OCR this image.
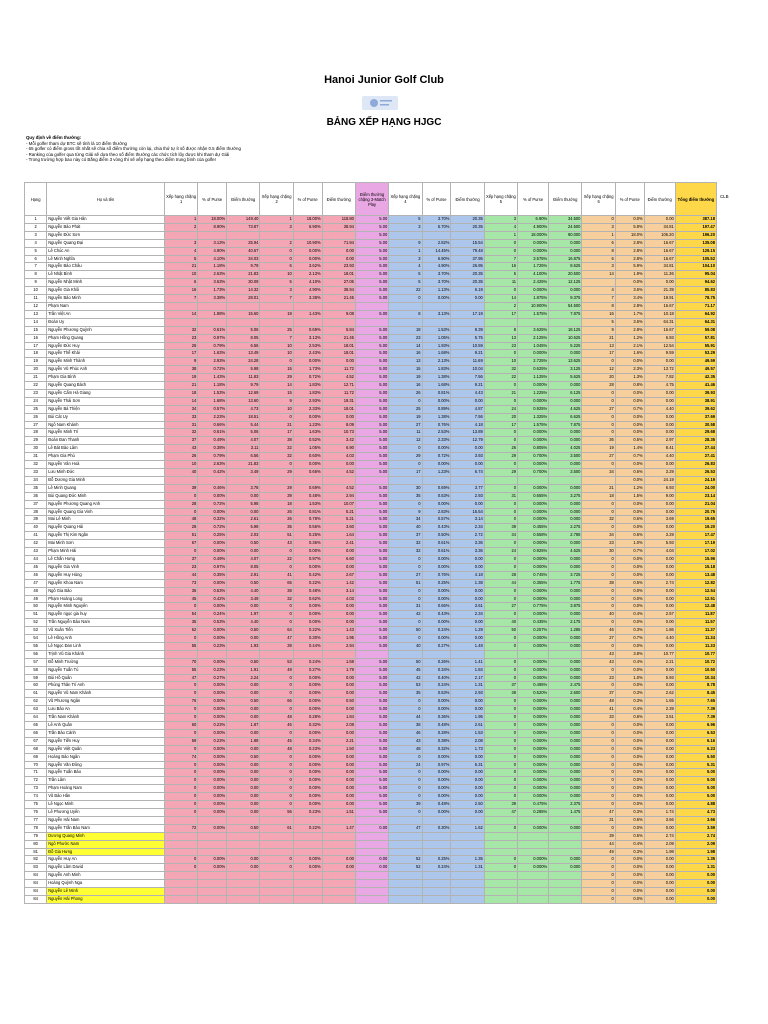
Hanoi Junior Golf Club
BẢNG XẾP HẠNG HJGC
Quy định về điểm thưởng:
- Mỗi golfer tham dự BTC sẽ tính là 10 điểm thưởng
- 65 golfer có điểm gross tốt nhất sẽ chia số điểm thưởng còn lại, chia thứ tự ít số được nhận 0.5 điểm thưởng
- Ranking của golfer qua từng Giải sẽ dựa theo số điểm thưởng các chức tích lũy được khi tham dự Giải
- Trong trường hợp bao này có Bằng điểm 3 vòng thì sẽ xếp hạng theo điểm trung bình của golfer
CLB
Hạng	Họ và tên	Xếp hạng chặng 1	% of Purse	Điểm thưởng	Xếp hạng chặng 2	% of Purse	Điểm thưởng	Điểm thưởng chặng 3-Match Play	Xếp hạng chặng 4	% of Purse	Điểm thưởng	Xếp hạng chặng 5	% of Purse	Điểm thưởng	Xếp hạng chặng 6	% of Purse	Điểm thưởng	Tổng điểm thưởng
1	Nguyễn Viết Gia Hân	1	18.00%	149.40	1	18.00%	118.80	5.00	5	3.70%	20.35	3	6.90%	34.500	0	0.0%	0.00	387.18
2	Nguyễn Bảo Phát	2	8.90%	73.87	3	6.90%	38.94	5.00	3	5.70%	20.35	4	4.900%	24.500	3	5.9%	34.81	197.47
3	Nguyễn Đức Sơn							5.00				1	18.000%	90.000	1	18.0%	106.20	196.20
4	Nguyễn Quang Đại	3	3.13%	25.94	2	10.90%	71.94	5.00	9	2.82%	15.54	0	0.000%	0.000	6	2.8%	16.67	135.08
5	Lê Chúc An	4	4.90%	40.67	0	0.00%	0.00	5.00	1	14.45%	79.48	0	0.000%	0.000	8	2.8%	16.67	129.15
6	Lê Minh Nghĩa	5	4.10%	34.03	0	0.00%	0.00	5.00	3	6.90%	37.95	7	3.575%	16.875	6	2.8%	16.67	105.52
7	Nguyễn Bảo Châu	21	1.18%	9.79	6	3.62%	23.93	5.00	4	4.90%	26.95	16	1.725%	8.625	3	5.9%	34.81	104.10
8	Lê Nhật Bình	10	2.63%	21.83	10	2.13%	18.01	5.00	5	3.70%	20.35	5	4.100%	20.500	14	1.9%	11.36	95.04
9	Nguyễn Nhật Minh	6	3.63%	30.09	5	4.10%	27.06	5.00	5	3.70%	20.35	11	2.425%	12.125		0.0%	0.00	94.62
10	Nguyễn Gia Khôi	16	1.73%	14.32	3	4.90%	38.94	5.00	22	1.13%	6.19	0	0.000%	0.000	4	3.6%	21.39	85.83
11	Nguyễn Bảo Minh	7	3.38%	28.01	7	3.38%	21.45	5.00	0	0.00%	0.00	14	1.875%	9.375	7	3.4%	19.91	78.75
12	Phạm Nam											2	10.900%	54.500	8	2.8%	16.67	71.17
13	Trần Việt An	14	1.88%	15.60	19	1.43%	9.08	5.00	8	3.13%	17.19	17	1.575%	7.875	16	1.7%	10.18	64.92
14	Đoàn Uy														5	3.6%	64.31	64.31
15	Nguyễn Phương Quỳnh	32	0.61%	5.06	25	0.69%	5.84	5.00	18	1.53%	8.39	8	3.625%	18.125	9	2.8%	16.67	59.08
16	Phạm Hồng Quang	23	0.97%	8.05	7	3.13%	21.45	5.00	23	1.05%	5.75	13	2.125%	10.625	21	1.2%	6.93	57.81
17	Nguyễn Đức Huy	26	0.79%	6.56	10	2.53%	18.01	5.00	14	1.93%	10.59	23	1.045%	5.225	13	2.1%	12.54	55.91
18	Nguyễn Thế Khải	17	1.63%	13.49	10	2.43%	18.01	5.00	16	1.68%	9.21	0	0.000%	0.000	17	1.6%	9.59	53.29
19	Nguyễn Minh Thành	9	2.93%	24.28	0	0.00%	0.00	5.00	13	2.13%	11.69	10	2.725%	13.625	0	0.0%	0.00	49.59
20	Nguyễn Vũ Phúc Anh	38	0.72%	5.98	15	1.73%	11.72	5.00	15	1.83%	10.04	32	0.625%	3.125	12	2.3%	13.72	49.57
21	Phạm Gia Bình	19	1.43%	11.83	29	0.72%	4.52	5.00	19	1.38%	7.56	22	1.125%	5.625	20	1.3%	7.82	42.35
22	Nguyễn Quang Bách	21	1.18%	9.79	14	1.83%	12.71	5.00	16	1.68%	9.21	0	0.000%	0.000	28	0.8%	4.75	41.46
23	Nguyễn Cẩm Hà Giang	18	1.53%	12.69	15	1.83%	11.72	5.00	26	0.81%	4.43	21	1.225%	6.125	0	0.0%	0.00	39.93
24	Nguyễn Thái Sơn	14	1.68%	13.60	9	2.93%	19.31	5.00	0	0.00%	0.00	0	0.000%	0.000	0	0.0%	0.00	38.91
25	Nguyễn Bá Thiện	34	0.57%	4.73	10	2.33%	18.01	5.00	25	0.89%	4.87	24	0.925%	4.625	27	0.7%	4.40	39.62
26	Bùi Cát Uy	33	2.23%	18.51	0	0.00%	0.00	5.00	19	1.38%	7.56	20	1.325%	6.625	0	0.0%	0.00	37.69
27	Ngô Nam Khánh	31	0.66%	5.44	21	1.23%	8.09	5.00	27	0.76%	4.18	17	1.575%	7.875	0	0.0%	0.00	30.58
28	Nguyễn Minh Trí	32	0.61%	5.06	17	1.63%	10.73	5.00	11	2.53%	13.89	0	0.000%	0.000	0	0.0%	0.00	29.68
29	Đoàn Đan Thanh	37	0.49%	4.07	38	0.52%	3.42	5.00	12	2.33%	12.79	0	0.000%	0.000	36	0.5%	2.97	28.35
30	Lê Bát Bảo Lâm	43	0.38%	3.11	22	1.05%	6.90	5.00	0	0.00%	0.00	26	0.805%	4.025	19	1.4%	8.41	27.44
31	Phạm Gia Phú	26	0.79%	6.56	32	0.60%	4.03	5.00	29	0.72%	3.93	29	0.700%	3.500	27	0.7%	4.40	27.41
32	Nguyễn Vân Hoà	10	2.63%	21.83	0	0.00%	0.00	5.00	0	0.00%	0.00	0	0.000%	0.000	0	0.0%	0.00	26.83
33	Lưu Minh Đức	40	0.42%	3.49	29	0.66%	4.52	5.00	17	1.23%	6.74	29	0.700%	3.500	34	0.6%	3.29	26.53
34	Đỗ Dương Gia Minh															0.0%	24.19	24.19
35	Lê Minh Quang	39	0.46%	3.78	29	0.69%	4.52	5.00	30	0.69%	3.77	0	0.000%	0.000	21	1.2%	6.93	24.00
36	Bùi Quang Đức Minh	0	0.00%	0.00	39	0.48%	2.94	5.00	35	0.53%	2.93	31	0.655%	3.275	18	1.5%	9.00	23.14
37	Nguyễn Phương Quang Anh	28	0.72%	5.98	18	1.53%	10.07	5.00	0	0.00%	0.00	0	0.000%	0.000	0	0.0%	0.00	21.04
38	Nguyễn Quang Gia Vinh	0	0.00%	0.00	26	0.81%	5.21	5.00	9	2.83%	15.54	0	0.000%	0.000	0	0.0%	0.00	20.75
39	Mai Lê Minh	48	0.32%	2.61	26	0.78%	5.21	5.00	34	0.57%	3.14	0	0.000%	0.000	32	0.6%	3.69	19.65
40	Nguyễn Quang Hải	28	0.72%	5.98	35	0.56%	3.60	5.00	40	0.43%	2.34	39	0.455%	2.275	0	0.0%	0.00	19.20
41	Nguyễn Thị Kim Ngân	51	0.25%	2.03	51	0.25%	1.64	5.00	37	0.50%	2.72	34	0.558%	2.788	34	0.6%	3.29	17.47
42	Mai Minh Sơn	67	0.00%	0.50	43	0.36%	2.41	5.00	32	0.61%	3.36	0	0.000%	0.000	23	1.0%	5.93	17.19
43	Phạm Minh Hải	0	0.00%	0.00	0	0.00%	0.00	5.00	32	0.61%	3.36	24	0.925%	4.625	30	0.7%	4.04	17.02
44	Lê Chấn Hưng	37	0.49%	4.07	22	0.97%	6.60	5.00	0	0.00%	0.00	0	0.000%	0.000	0	0.0%	0.00	15.96
45	Nguyễn Gia Vinh	23	0.97%	8.05	0	0.00%	0.00	5.00	0	0.00%	0.00	0	0.000%	0.000	0	0.0%	0.00	15.18
46	Nguyễn Huy Hùng	44	0.35%	2.91	41	0.42%	2.67	5.00	27	0.76%	4.18	28	0.745%	3.725	0	0.0%	0.00	13.48
47	Nguyễn Khoa Nam	73	0.00%	0.50	65	0.22%	1.42	5.00	51	0.25%	1.38	44	0.355%	1.775	38	0.5%	2.74	12.82
48	Ngô Gia Bảo	35	0.53%	4.40	38	0.48%	3.14	5.00	0	0.00%	0.00	0	0.000%	0.000	0	0.0%	0.00	12.54
49	Phạm Hoàng Long	45	0.42%	3.49	32	0.62%	4.03	5.00	0	0.00%	0.00	0	0.000%	0.000	0	0.0%	0.00	12.51
50	Nguyễn Minh Nguyên	0	0.00%	0.00	0	0.00%	0.00	5.00	31	0.66%	3.61	27	0.775%	3.875	0	0.0%	0.00	12.48
51	Nguyễn ngọc gia huy	54	0.24%	1.97	0	0.00%	0.00	5.00	42	0.43%	2.34	0	0.000%	0.000	40	0.4%	2.57	11.87
52	Trần Nguyễn Bảo Nam	35	0.53%	4.40	0	0.00%	0.00	5.00	0	0.00%	0.00	40	0.435%	2.175	0	0.0%	0.00	11.57
53	Vũ Xuân Tiến	62	0.00%	0.50	64	0.22%	1.43	5.00	50	0.24%	1.29	50	0.257%	1.285	46	0.3%	1.86	11.37
54	Lê Hồng Anh	0	0.00%	0.00	47	0.30%	1.95	5.00	0	0.00%	0.00	0	0.000%	0.000	27	0.7%	4.40	11.34
55	Lê Ngọc Đan Linh	55	0.23%	1.93	39	0.44%	2.94	5.00	40	0.27%	1.48	0	0.000%	0.000	0	0.0%	0.00	11.33
56	Trịnh Vũ Gia Khánh														43	3.8%	10.77	10.77
57	Đỗ Minh Trường	70	0.00%	0.50	53	0.24%	1.59	5.00	50	0.26%	1.41	0	0.000%	0.000	43	0.4%	2.21	10.72
58	Nguyễn Tuấn Tú	55	0.23%	1.91	49	0.27%	1.79	5.00	45	0.34%	1.84	0	0.000%	0.000	0	0.0%	0.00	10.50
59	Bùi Hồ Quân	47	0.27%	2.24	0	0.00%	0.00	5.00	42	0.40%	2.17	0	0.000%	0.000	23	1.0%	5.93	10.34
60	Phùng Thân Trí Anh	0	0.00%	0.00	0	0.00%	0.00	5.00	53	0.24%	1.31	37	0.495%	2.475	0	0.0%	0.00	8.78
61	Nguyễn Vũ Nam Khánh	0	0.00%	0.00	0	0.00%	0.00	5.00	35	0.53%	2.93	38	0.520%	2.600	37	0.3%	2.62	8.45
62	Vũ Phương Ngân	76	0.00%	0.50	66	0.00%	0.50	5.00	0	0.00%	0.00	0	0.000%	0.000	48	0.3%	1.65	7.65
63	Lưu Bảo An	0	0.00%	0.00	0	0.00%	0.00	5.00	0	0.00%	0.00	0	0.000%	0.000	41	0.4%	2.39	7.39
64	Trần Nam Khánh	0	0.00%	0.00	48	0.28%	1.84	5.00	44	0.36%	1.95	0	0.000%	0.000	33	0.6%	3.51	7.39
65	Lê Anh Quân	60	0.23%	1.87	46	0.32%	2.08	5.00	38	0.48%	2.61	0	0.000%	0.000	0	0.0%	0.00	6.96
66	Trần Bảo Cảnh	0	0.00%	0.00	0	0.00%	0.00	5.00	46	0.28%	1.53	0	0.000%	0.000	0	0.0%	0.00	6.53
67	Nguyễn Tiến Huy	59	0.23%	1.88	45	0.34%	2.21	5.00	43	0.38%	2.08	0	0.000%	0.000	0	0.0%	0.00	6.16
68	Nguyễn Việt Quân	0	0.00%	0.00	48	0.23%	1.50	5.00	48	0.32%	1.73	0	0.000%	0.000	0	0.0%	0.00	6.23
69	Hoàng Bảo Ngân	74	0.00%	0.50	0	0.00%	0.00	5.00	0	0.00%	0.00	0	0.000%	0.000	0	0.0%	0.00	5.50
70	Nguyễn Văn Đông	0	0.00%	0.00	0	0.00%	0.00	5.00	24	0.97%	5.31	0	0.000%	0.000	0	0.0%	0.00	5.31
71	Nguyễn Tuấn Bảo	0	0.00%	0.00	0	0.00%	0.00	5.00	0	0.00%	0.00	0	0.000%	0.000	0	0.0%	0.00	5.00
72	Trần Lâm	0	0.00%	0.00	0	0.00%	0.00	5.00	0	0.00%	0.00	0	0.000%	0.000	0	0.0%	0.00	5.00
73	Phạm Hoàng Nam	0	0.00%	0.00	0	0.00%	0.00	5.00	0	0.00%	0.00	0	0.000%	0.000	0	0.0%	0.00	5.00
74	Vũ Bảo Hân	0	0.00%	0.00	0	0.00%	0.00	5.00	0	0.00%	0.00	0	0.000%	0.000	0	0.0%	0.00	5.00
75	Lê Ngọc Minh	0	0.00%	0.00	0	0.00%	0.00	5.00	39	0.48%	2.50	39	0.475%	2.375	0	0.0%	0.00	4.88
76	Lê Phương Uyên	0	0.00%	0.00	56	0.23%	1.51	5.00	0	0.00%	0.00	47	0.285%	1.475	47	0.3%	1.74	4.73
77	Nguyễn Hải Nam														31	0.6%	3.66	3.66
78	Nguyễn Trần Bảo Nam	72	0.00%	0.50	61	0.22%	1.47	0.00	47	0.30%	1.62	0	0.000%	0.000	0	0.0%	0.00	3.59
79	Dương Quang Minh														39	0.5%	2.74	2.74
80	Ngô Phước Nam														44	0.4%	2.09	2.09
81	Đỗ Gia Hưng														49	0.3%	1.98	1.98
82	Nguyễn Huy An	0	0.00%	0.00	0	0.00%	0.00	0.00	52	0.25%	1.35	0	0.000%	0.000	0	0.0%	0.00	1.35
83	Nguyễn Lâm David	0	0.00%	0.00	0	0.00%	0.00	0.00	52	0.24%	1.31	0	0.000%	0.000	0	0.0%	0.00	1.31
84	Nguyễn Anh Minh														0	0.0%	0.00	0.00
84	Hoàng Quỳnh Nga														0	0.0%	0.00	0.00
84	Nguyễn Lê Minh														0	0.0%	0.00	0.00
84	Nguyễn Hải Phong														0	0.0%	0.00	0.00
